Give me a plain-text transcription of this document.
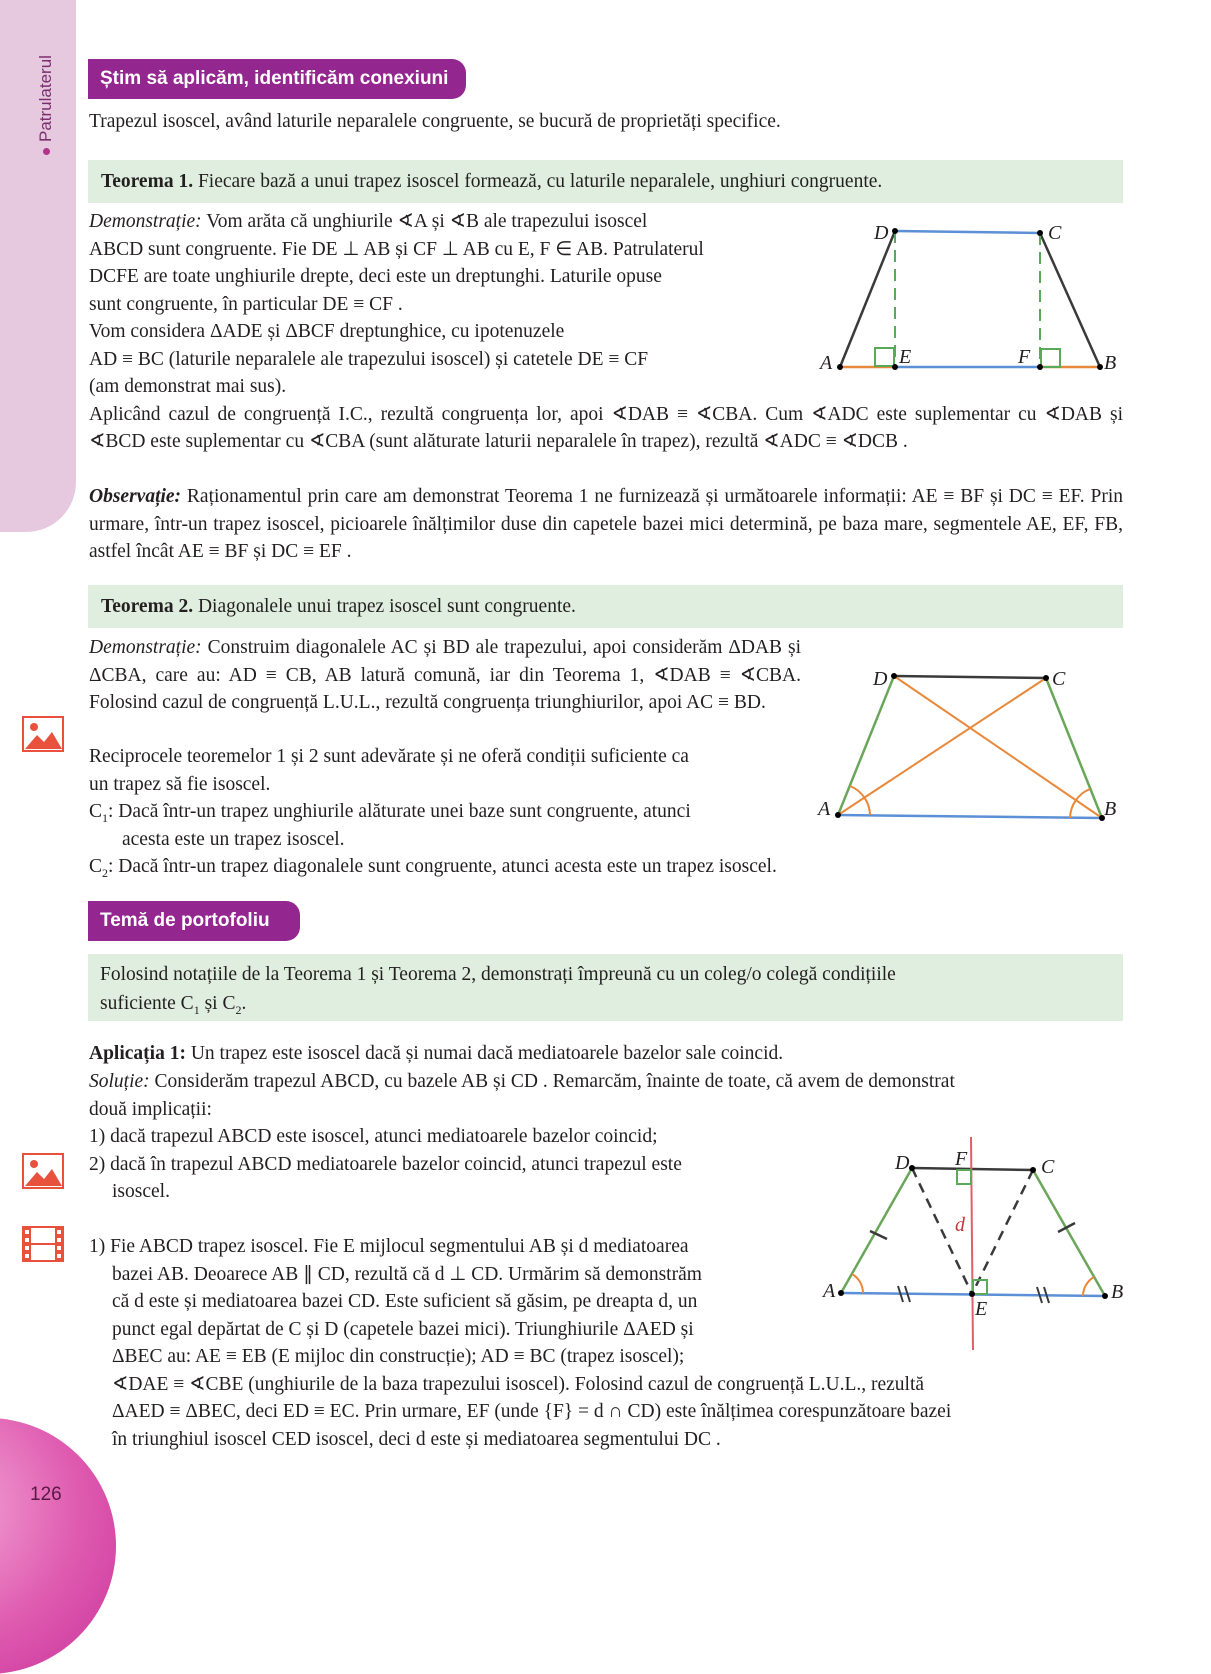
Patrulaterul
126
Știm să aplicăm, identificăm conexiuni
Trapezul isoscel, având laturile neparalele congruente, se bucură de proprietăți specifice.
Teorema 1. Fiecare bază a unui trapez isoscel formează, cu laturile neparalele, unghiuri congruente.
Demonstrație: Vom arăta că unghiurile ∢A și ∢B ale trapezului isoscel
ABCD sunt congruente. Fie DE ⊥ AB și CF ⊥ AB cu E, F ∈ AB. Patrulaterul
DCFE are toate unghiurile drepte, deci este un dreptunghi. Laturile opuse
sunt congruente, în particular DE ≡ CF .
Vom considera ΔADE și ΔBCF dreptunghice, cu ipotenuzele
AD ≡ BC (laturile neparalele ale trapezului isoscel) și catetele DE ≡ CF
(am demonstrat mai sus).
Aplicând cazul de congruență I.C., rezultă congruența lor, apoi ∢DAB ≡ ∢CBA. Cum ∢ADC este suplementar cu ∢DAB și ∢BCD este suplementar cu ∢CBA (sunt alăturate laturii neparalele în trapez), rezultă ∢ADC ≡ ∢DCB .
Observație: Raționamentul prin care am demonstrat Teorema 1 ne furnizează și următoarele informații: AE ≡ BF și DC ≡ EF. Prin urmare, într-un trapez isoscel, picioarele înălțimilor duse din capetele bazei mici determină, pe baza mare, segmentele AE, EF, FB, astfel încât AE ≡ BF și DC ≡ EF .
D	C
A	E	F	B
Teorema 2. Diagonalele unui trapez isoscel sunt congruente.
Demonstrație: Construim diagonalele AC și BD ale trapezului, apoi considerăm ΔDAB și ΔCBA, care au: AD ≡ CB, AB latură comună, iar din Teorema 1, ∢DAB ≡ ∢CBA. Folosind cazul de congruență L.U.L., rezultă congruența triunghiurilor, apoi AC ≡ BD.
Reciprocele teoremelor 1 și 2 sunt adevărate și ne oferă condiții suficiente ca
un trapez să fie isoscel.
$C_1$: Dacă într-un trapez unghiurile alăturate unei baze sunt congruente, atunci
acesta este un trapez isoscel.
$C_2$: Dacă într-un trapez diagonalele sunt congruente, atunci acesta este un trapez isoscel.
D	C
A	B
Temă de portofoliu
Folosind notațiile de la Teorema 1 și Teorema 2, demonstrați împreună cu un coleg/o colegă condițiile
suficiente $C_1$ și $C_2$.
Aplicația 1: Un trapez este isoscel dacă și numai dacă mediatoarele bazelor sale coincid.
Soluție: Considerăm trapezul ABCD, cu bazele AB și CD . Remarcăm, înainte de toate, că avem de demonstrat
două implicații:
1) dacă trapezul ABCD este isoscel, atunci mediatoarele bazelor coincid;
2) dacă în trapezul ABCD mediatoarele bazelor coincid, atunci trapezul este
isoscel.
1) Fie ABCD trapez isoscel. Fie E mijlocul segmentului AB și d mediatoarea
bazei AB. Deoarece AB ∥ CD, rezultă că d ⊥ CD. Urmărim să demonstrăm
că d este și mediatoarea bazei CD. Este suficient să găsim, pe dreapta d, un
punct egal depărtat de C și D (capetele bazei mici). Triunghiurile ΔAED și
ΔBEC au: AE ≡ EB (E mijloc din construcție); AD ≡ BC (trapez isoscel);
∢DAE ≡ ∢CBE (unghiurile de la baza trapezului isoscel). Folosind cazul de congruență L.U.L., rezultă
ΔAED ≡ ΔBEC, deci ED ≡ EC. Prin urmare, EF (unde {F} = d ∩ CD) este înălțimea corespunzătoare bazei
în triunghiul isoscel CED isoscel, deci d este și mediatoarea segmentului DC .
D F	C
d
A
E
B
